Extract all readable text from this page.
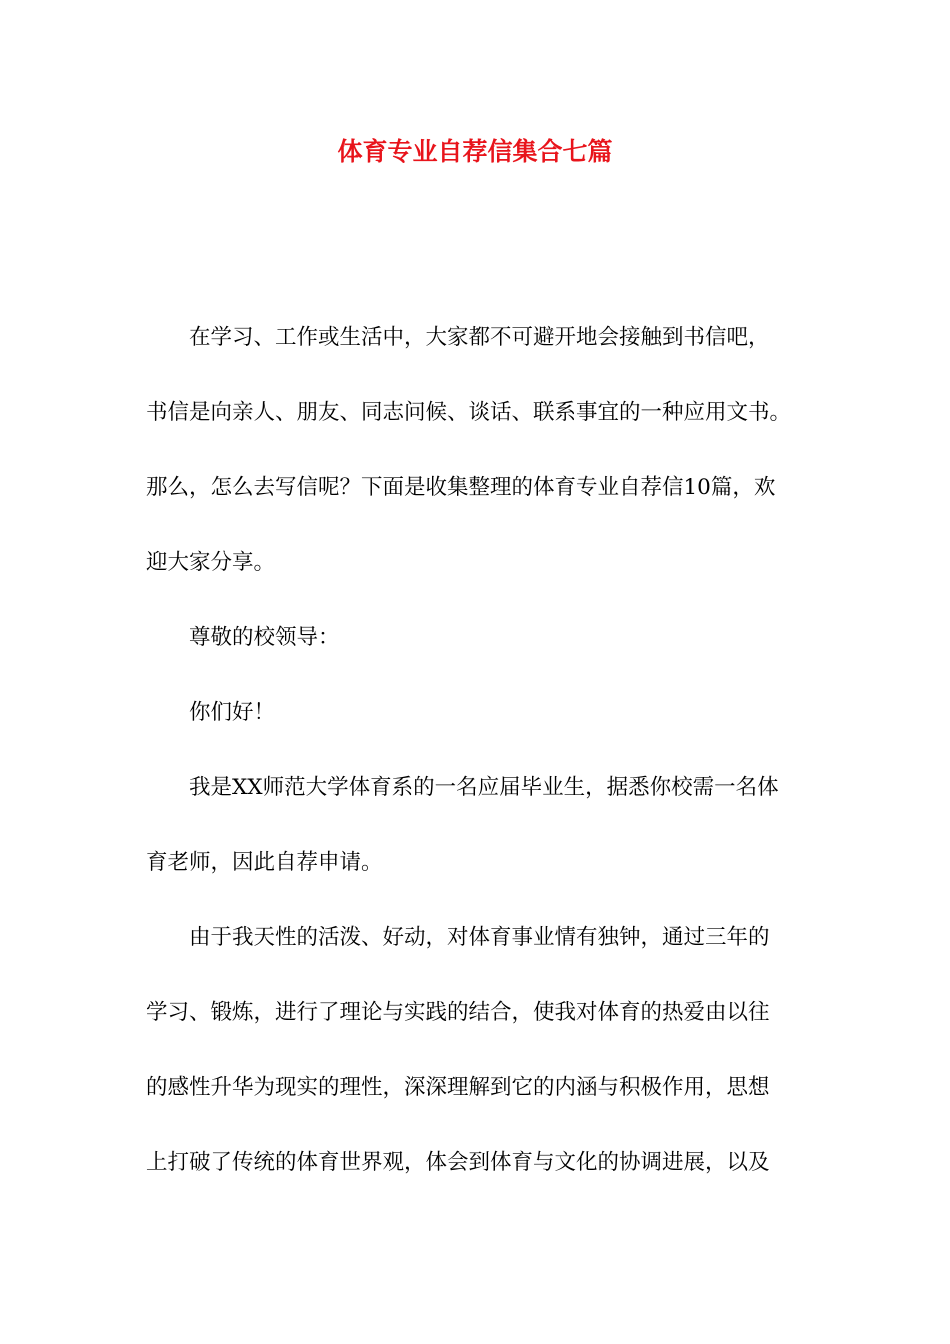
体育专业自荐信集合七篇
在学习、工作或生活中，大家都不可避开地会接触到书信吧，
书信是向亲人、朋友、同志问候、谈话、联系事宜的一种应用文书。
那么，怎么去写信呢？下面是收集整理的体育专业自荐信10篇，欢
迎大家分享。
尊敬的校领导：
你们好！
我是XX师范大学体育系的一名应届毕业生，据悉你校需一名体
育老师，因此自荐申请。
由于我天性的活泼、好动，对体育事业情有独钟，通过三年的
学习、锻炼，进行了理论与实践的结合，使我对体育的热爱由以往
的感性升华为现实的理性，深深理解到它的内涵与积极作用，思想
上打破了传统的体育世界观，体会到体育与文化的协调进展，以及
